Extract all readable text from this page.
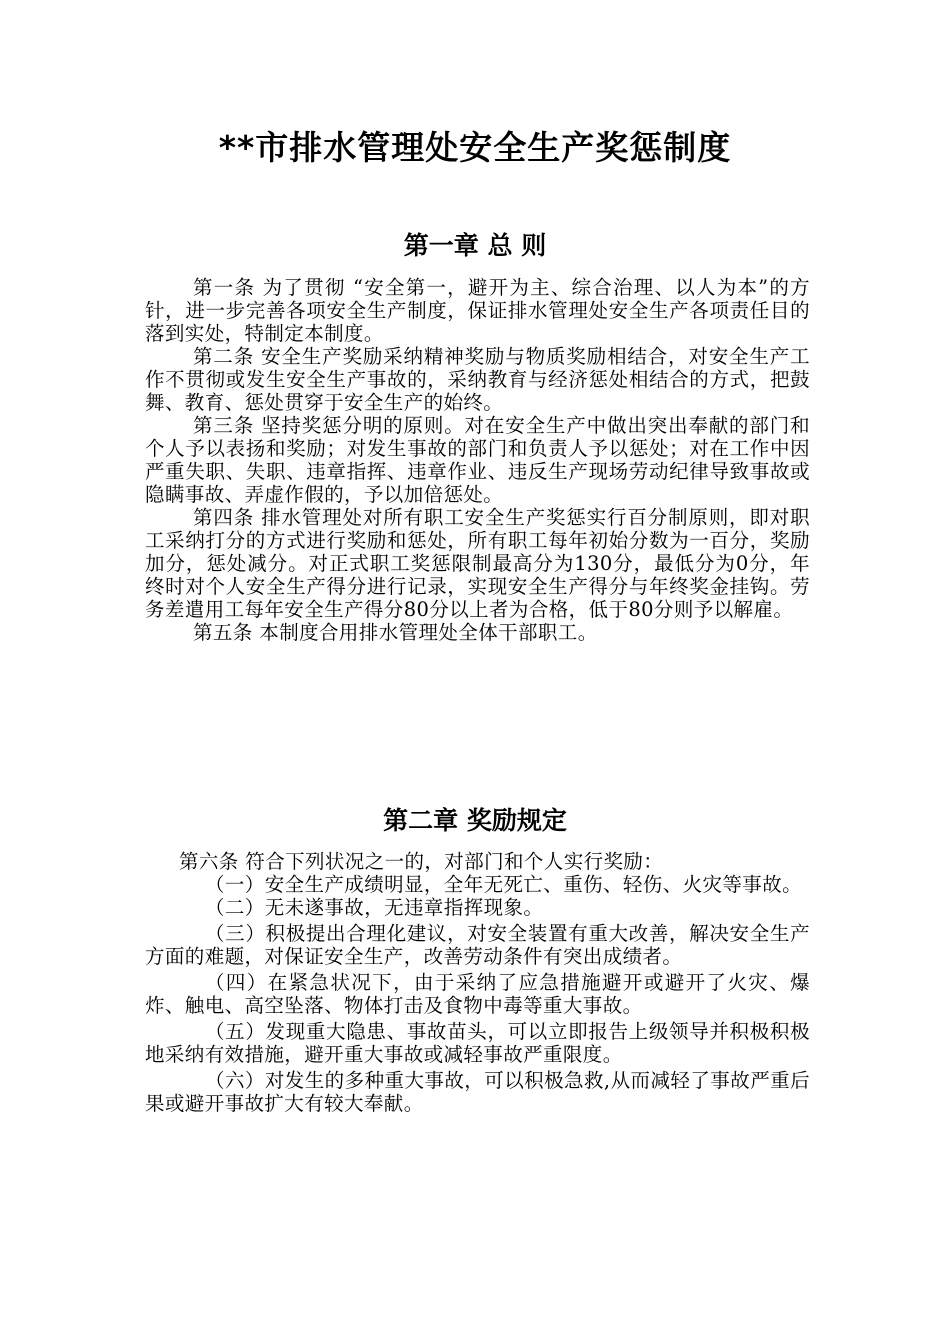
**市排水管理处安全生产奖惩制度
第一章 总 则

第一条 为了贯彻 “安全第一，避开为主、综合治理、以人为本”的方针，进一步完善各项安全生产制度，保证排水管理处安全生产各项责任目的落到实处，特制定本制度。

第二条 安全生产奖励采纳精神奖励与物质奖励相结合，对安全生产工作不贯彻或发生安全生产事故的，采纳教育与经济惩处相结合的方式，把鼓舞、教育、惩处贯穿于安全生产的始终。

第三条 坚持奖惩分明的原则。对在安全生产中做出突出奉献的部门和个人予以表扬和奖励；对发生事故的部门和负责人予以惩处；对在工作中因严重失职、失职、违章指挥、违章作业、违反生产现场劳动纪律导致事故或隐瞒事故、弄虚作假的，予以加倍惩处。

第四条 排水管理处对所有职工安全生产奖惩实行百分制原则，即对职工采纳打分的方式进行奖励和惩处，所有职工每年初始分数为一百分，奖励加分，惩处减分。对正式职工奖惩限制最高分为130分，最低分为0分，年终时对个人安全生产得分进行记录，实现安全生产得分与年终奖金挂钩。劳务差遣用工每年安全生产得分80分以上者为合格，低于80分则予以解雇。

第五条 本制度合用排水管理处全体干部职工。

第二章 奖励规定

第六条 符合下列状况之一的，对部门和个人实行奖励：

（一）安全生产成绩明显，全年无死亡、重伤、轻伤、火灾等事故。

（二）无未遂事故，无违章指挥现象。

（三）积极提出合理化建议，对安全装置有重大改善，解决安全生产方面的难题，对保证安全生产，改善劳动条件有突出成绩者。

（四）在紧急状况下，由于采纳了应急措施避开或避开了火灾、爆炸、触电、高空坠落、物体打击及食物中毒等重大事故。

（五）发现重大隐患、事故苗头，可以立即报告上级领导并积极积极地采纳有效措施，避开重大事故或减轻事故严重限度。

（六）对发生的多种重大事故，可以积极急救,从而减轻了事故严重后果或避开事故扩大有较大奉献。
